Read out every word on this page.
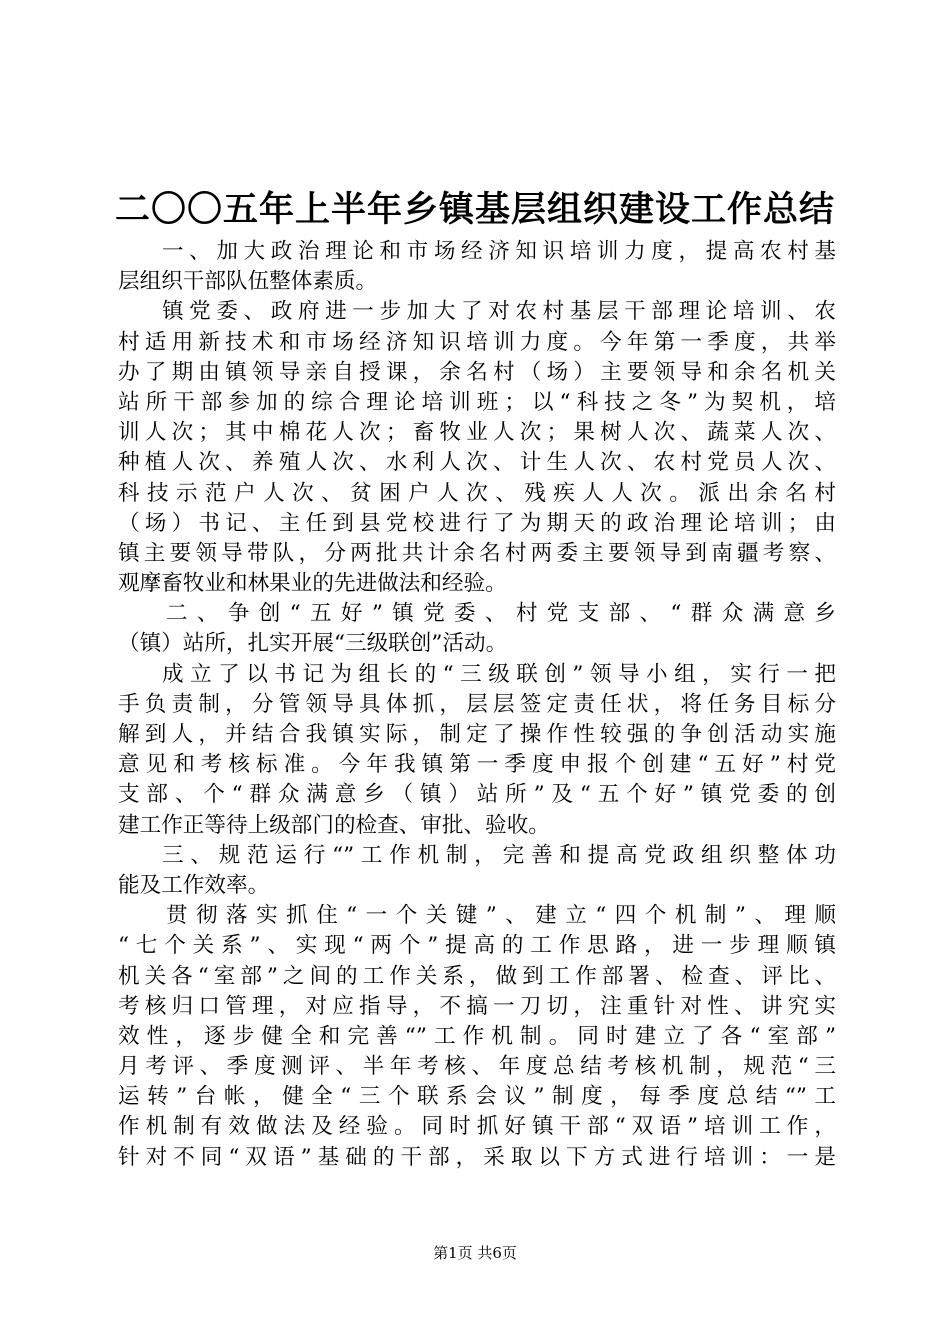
二〇〇五年上半年乡镇基层组织建设工作总结
一、加大政治理论和市场经济知识培训力度，提高农村基
层组织干部队伍整体素质。
镇党委、政府进一步加大了对农村基层干部理论培训、农
村适用新技术和市场经济知识培训力度。今年第一季度，共举
办了期由镇领导亲自授课，余名村（场）主要领导和余名机关
站所干部参加的综合理论培训班；以“科技之冬”为契机，培
训人次；其中棉花人次；畜牧业人次；果树人次、蔬菜人次、
种植人次、养殖人次、水利人次、计生人次、农村党员人次、
科技示范户人次、贫困户人次、残疾人人次。派出余名村
（场）书记、主任到县党校进行了为期天的政治理论培训；由
镇主要领导带队，分两批共计余名村两委主要领导到南疆考察、
观摩畜牧业和林果业的先进做法和经验。
二、争创“五好”镇党委、村党支部、“群众满意乡
（镇）站所，扎实开展“三级联创”活动。
成立了以书记为组长的“三级联创”领导小组，实行一把
手负责制，分管领导具体抓，层层签定责任状，将任务目标分
解到人，并结合我镇实际，制定了操作性较强的争创活动实施
意见和考核标准。今年我镇第一季度申报个创建“五好”村党
支部、个“群众满意乡（镇）站所”及“五个好”镇党委的创
建工作正等待上级部门的检查、审批、验收。
三、规范运行“”工作机制，完善和提高党政组织整体功
能及工作效率。
贯彻落实抓住“一个关键”、建立“四个机制”、理顺
“七个关系”、实现“两个”提高的工作思路，进一步理顺镇
机关各“室部”之间的工作关系，做到工作部署、检查、评比、
考核归口管理，对应指导，不搞一刀切，注重针对性、讲究实
效性，逐步健全和完善“”工作机制。同时建立了各“室部”
月考评、季度测评、半年考核、年度总结考核机制，规范“三
运转”台帐，健全“三个联系会议”制度，每季度总结“”工
作机制有效做法及经验。同时抓好镇干部“双语”培训工作，
针对不同“双语”基础的干部，采取以下方式进行培训：一是
第1页 共6页
